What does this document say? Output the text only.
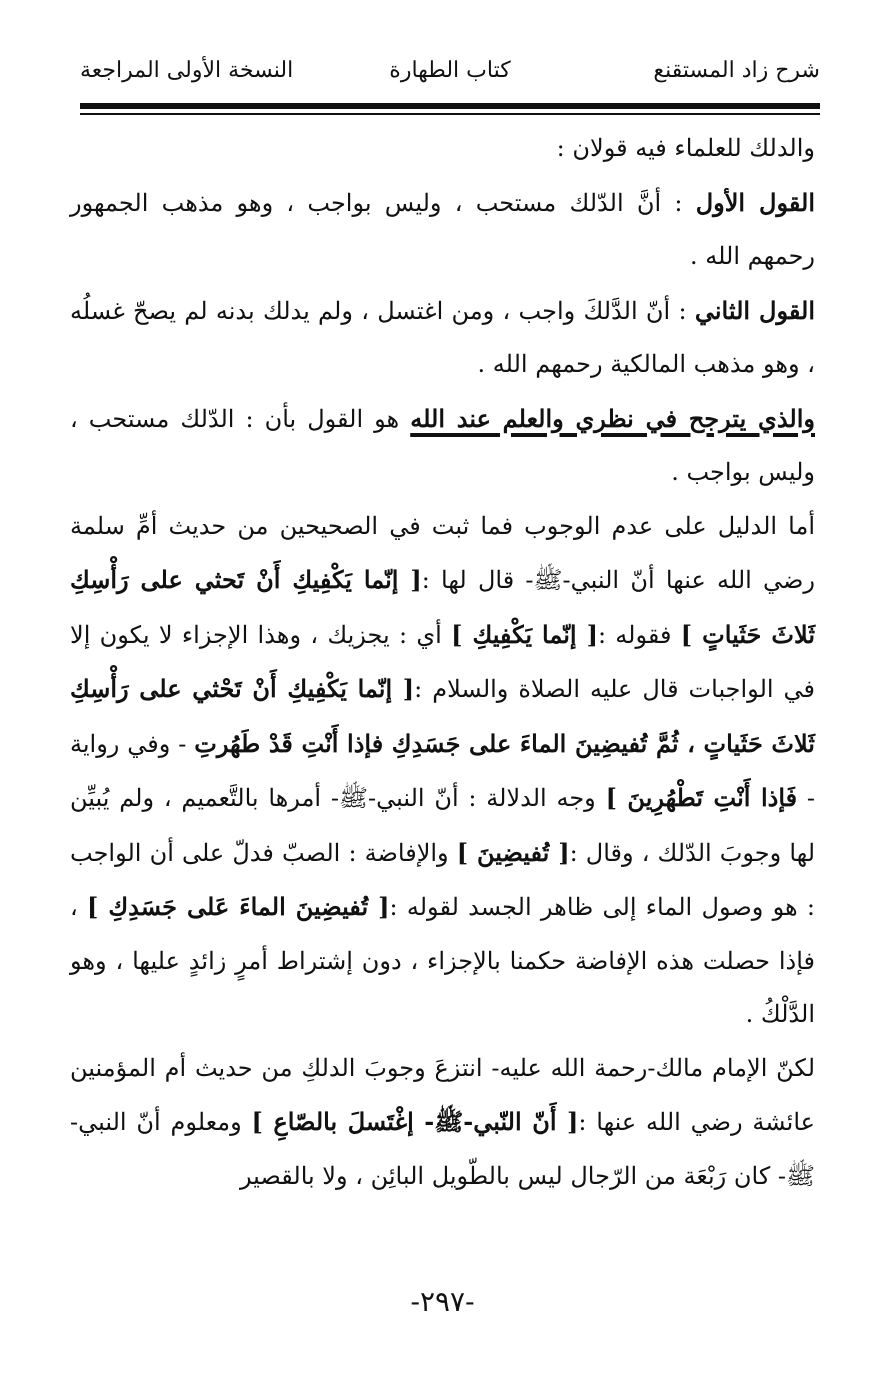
شرح زاد المستقنع
كتاب الطهارة
النسخة الأولى المراجعة

والدلك للعلماء فيه قولان :

القول الأول : أنَّ الدّلك مستحب ، وليس بواجب ، وهو مذهب الجمهور رحمهم الله .

القول الثاني : أنّ الدَّلكَ واجب ، ومن اغتسل ، ولم يدلك بدنه لم يصحّ غسلُه ، وهو مذهب المالكية رحمهم الله .

والذي يترجح في نظري والعلم عند الله هو القول بأن : الدّلك مستحب ، وليس بواجب .

أما الدليل على عدم الوجوب فما ثبت في الصحيحين من حديث أمِّ سلمة رضي الله عنها أنّ النبي-ﷺ- قال لها :[ إنّما يَكْفِيكِ أَنْ تَحثي على رَأْسِكِ ثَلاثَ حَثَياتٍ ] فقوله :[ إنّما يَكْفِيكِ ] أي : يجزيك ، وهذا الإجزاء لا يكون إلا في الواجبات قال عليه الصلاة والسلام :[ إنّما يَكْفِيكِ أَنْ تَحْثي على رَأْسِكِ ثَلاثَ حَثَياتٍ ، ثُمَّ تُفيضِينَ الماءَ على جَسَدِكِ فإذا أَنْتِ قَدْ طَهُرتِ - وفي رواية - فَإذا أَنْتِ تَطْهُرِينَ ] وجه الدلالة : أنّ النبي-ﷺ- أمرها بالتَّعميم ، ولم يُبيِّن لها وجوبَ الدّلك ، وقال :[ تُفيضِينَ ] والإفاضة : الصبّ فدلّ على أن الواجب : هو وصول الماء إلى ظاهر الجسد لقوله :[ تُفيضِينَ الماءَ عَلى جَسَدِكِ ] ، فإذا حصلت هذه الإفاضة حكمنا بالإجزاء ، دون إشتراط أمرٍ زائدٍ عليها ، وهو الدَّلْكُ .

لكنّ الإمام مالك-رحمة الله عليه- انتزعَ وجوبَ الدلكِ من حديث أم المؤمنين عائشة رضي الله عنها :[ أَنّ النّبي-ﷺ- إغْتَسلَ بالصّاعِ ] ومعلوم أنّ النبي-ﷺ- كان رَبْعَة من الرّجال ليس بالطّويل البائِن ، ولا بالقصير

-٢٩٧-
